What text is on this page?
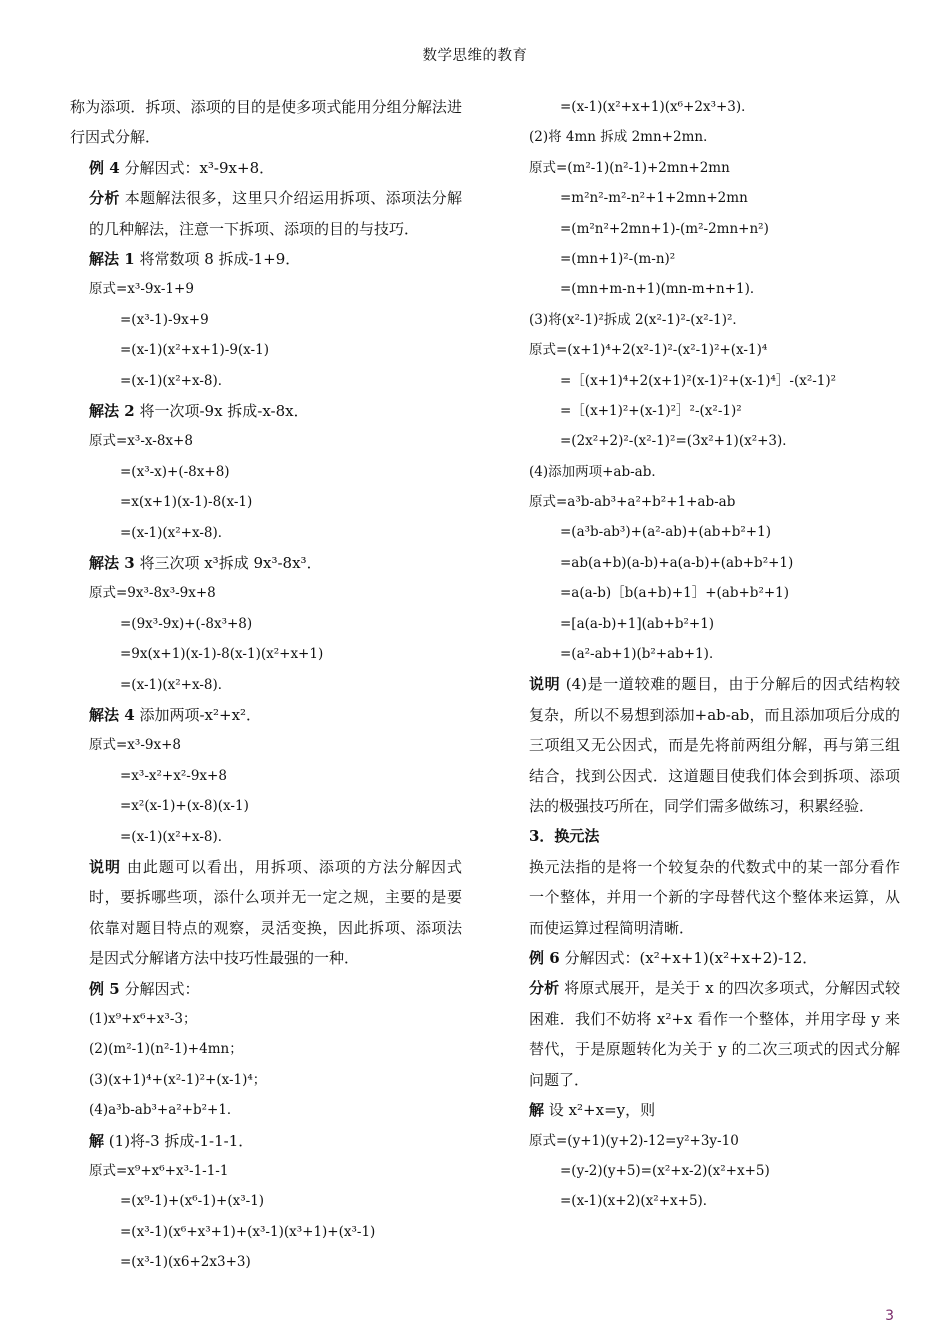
数学思维的教育
称为添项．拆项、添项的目的是使多项式能用分组分解法进行因式分解．
例 4 分解因式：x³-9x+8．
分析 本题解法很多，这里只介绍运用拆项、添项法分解的几种解法，注意一下拆项、添项的目的与技巧．
解法 1 将常数项 8 拆成-1+9．
原式=x³-9x-1+9
=(x³-1)-9x+9
=(x-1)(x²+x+1)-9(x-1)
=(x-1)(x²+x-8)．
解法 2 将一次项-9x 拆成-x-8x．
原式=x³-x-8x+8
=(x³-x)+(-8x+8)
=x(x+1)(x-1)-8(x-1)
=(x-1)(x²+x-8)．
解法 3 将三次项 x³拆成 9x³-8x³．
原式=9x³-8x³-9x+8
=(9x³-9x)+(-8x³+8)
=9x(x+1)(x-1)-8(x-1)(x²+x+1)
=(x-1)(x²+x-8)．
解法 4 添加两项-x²+x²．
原式=x³-9x+8
=x³-x²+x²-9x+8
=x²(x-1)+(x-8)(x-1)
=(x-1)(x²+x-8)．
说明 由此题可以看出，用拆项、添项的方法分解因式时，要拆哪些项，添什么项并无一定之规，主要的是要依靠对题目特点的观察，灵活变换，因此拆项、添项法是因式分解诸方法中技巧性最强的一种．
例 5 分解因式：
(1)x⁹+x⁶+x³-3；
(2)(m²-1)(n²-1)+4mn；
(3)(x+1)⁴+(x²-1)²+(x-1)⁴；
(4)a³b-ab³+a²+b²+1．
解 (1)将-3 拆成-1-1-1．
原式=x⁹+x⁶+x³-1-1-1
=(x⁹-1)+(x⁶-1)+(x³-1)
=(x³-1)(x⁶+x³+1)+(x³-1)(x³+1)+(x³-1)
=(x³-1)(x6+2x3+3)
=(x-1)(x²+x+1)(x⁶+2x³+3)．
(2)将 4mn 拆成 2mn+2mn．
原式=(m²-1)(n²-1)+2mn+2mn
=m²n²-m²-n²+1+2mn+2mn
=(m²n²+2mn+1)-(m²-2mn+n²)
=(mn+1)²-(m-n)²
=(mn+m-n+1)(mn-m+n+1)．
(3)将(x²-1)²拆成 2(x²-1)²-(x²-1)²．
原式=(x+1)⁴+2(x²-1)²-(x²-1)²+(x-1)⁴
=［(x+1)⁴+2(x+1)²(x-1)²+(x-1)⁴］-(x²-1)²
=［(x+1)²+(x-1)²］²-(x²-1)²
=(2x²+2)²-(x²-1)²=(3x²+1)(x²+3)．
(4)添加两项+ab-ab．
原式=a³b-ab³+a²+b²+1+ab-ab
=(a³b-ab³)+(a²-ab)+(ab+b²+1)
=ab(a+b)(a-b)+a(a-b)+(ab+b²+1)
=a(a-b)［b(a+b)+1］+(ab+b²+1)
=[a(a-b)+1](ab+b²+1)
=(a²-ab+1)(b²+ab+1)．
说明 (4)是一道较难的题目，由于分解后的因式结构较复杂，所以不易想到添加+ab-ab，而且添加项后分成的三项组又无公因式，而是先将前两组分解，再与第三组结合，找到公因式．这道题目使我们体会到拆项、添项法的极强技巧所在，同学们需多做练习，积累经验．
3．换元法
换元法指的是将一个较复杂的代数式中的某一部分看作一个整体，并用一个新的字母替代这个整体来运算，从而使运算过程简明清晰．
例 6 分解因式：(x²+x+1)(x²+x+2)-12．
分析 将原式展开，是关于 x 的四次多项式，分解因式较困难．我们不妨将 x²+x 看作一个整体，并用字母 y 来替代，于是原题转化为关于 y 的二次三项式的因式分解问题了．
解 设 x²+x=y，则
原式=(y+1)(y+2)-12=y²+3y-10
=(y-2)(y+5)=(x²+x-2)(x²+x+5)
=(x-1)(x+2)(x²+x+5)．
3
